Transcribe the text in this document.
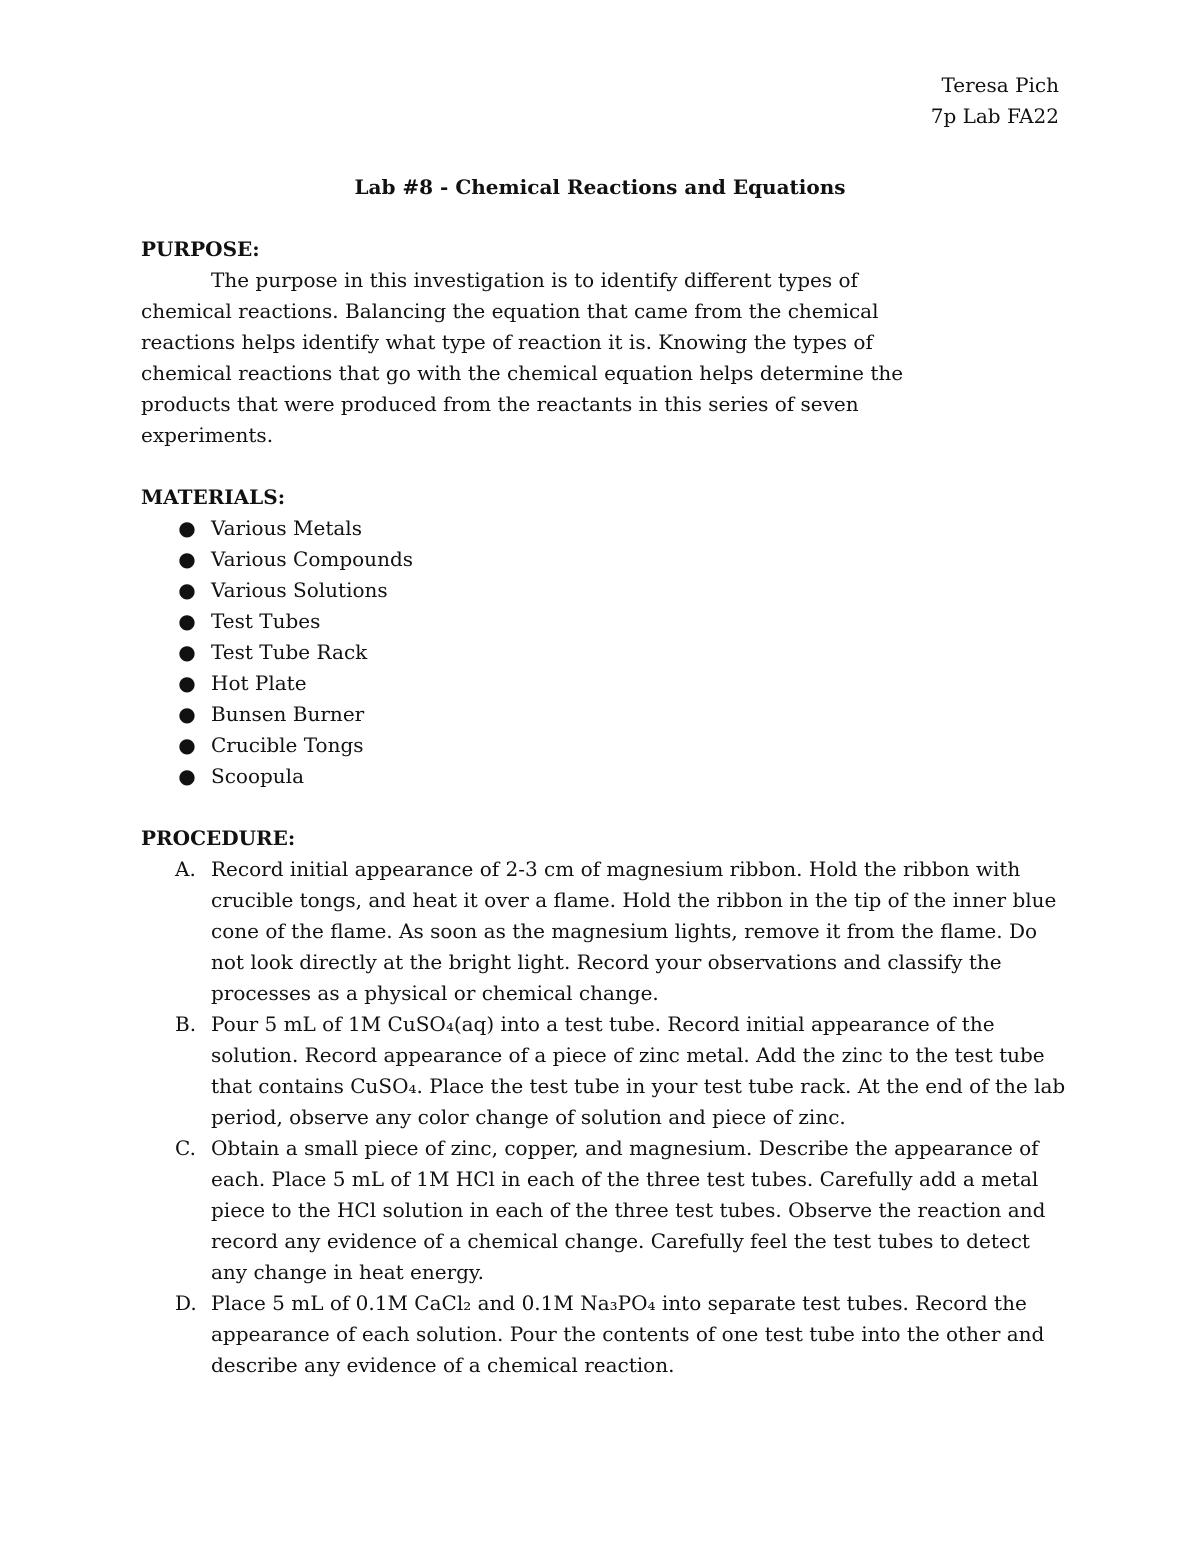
Teresa Pich
7p Lab FA22
Lab #8 - Chemical Reactions and Equations
PURPOSE:

The purpose in this investigation is to identify different types of chemical reactions. Balancing the equation that came from the chemical reactions helps identify what type of reaction it is. Knowing the types of chemical reactions that go with the chemical equation helps determine the products that were produced from the reactants in this series of seven experiments.

MATERIALS:
● Various Metals
● Various Compounds
● Various Solutions
● Test Tubes
● Test Tube Rack
● Hot Plate
● Bunsen Burner
● Crucible Tongs
● Scoopula
PROCEDURE:
A. Record initial appearance of 2-3 cm of magnesium ribbon. Hold the ribbon with crucible tongs, and heat it over a flame. Hold the ribbon in the tip of the inner blue cone of the flame. As soon as the magnesium lights, remove it from the flame. Do not look directly at the bright light. Record your observations and classify the processes as a physical or chemical change.
B. Pour 5 mL of 1M CuSO₄(aq) into a test tube. Record initial appearance of the solution. Record appearance of a piece of zinc metal. Add the zinc to the test tube that contains CuSO₄. Place the test tube in your test tube rack. At the end of the lab period, observe any color change of solution and piece of zinc.
C. Obtain a small piece of zinc, copper, and magnesium. Describe the appearance of each. Place 5 mL of 1M HCl in each of the three test tubes. Carefully add a metal piece to the HCl solution in each of the three test tubes. Observe the reaction and record any evidence of a chemical change. Carefully feel the test tubes to detect any change in heat energy.
D. Place 5 mL of 0.1M CaCl₂ and 0.1M Na₃PO₄ into separate test tubes. Record the appearance of each solution. Pour the contents of one test tube into the other and describe any evidence of a chemical reaction.
